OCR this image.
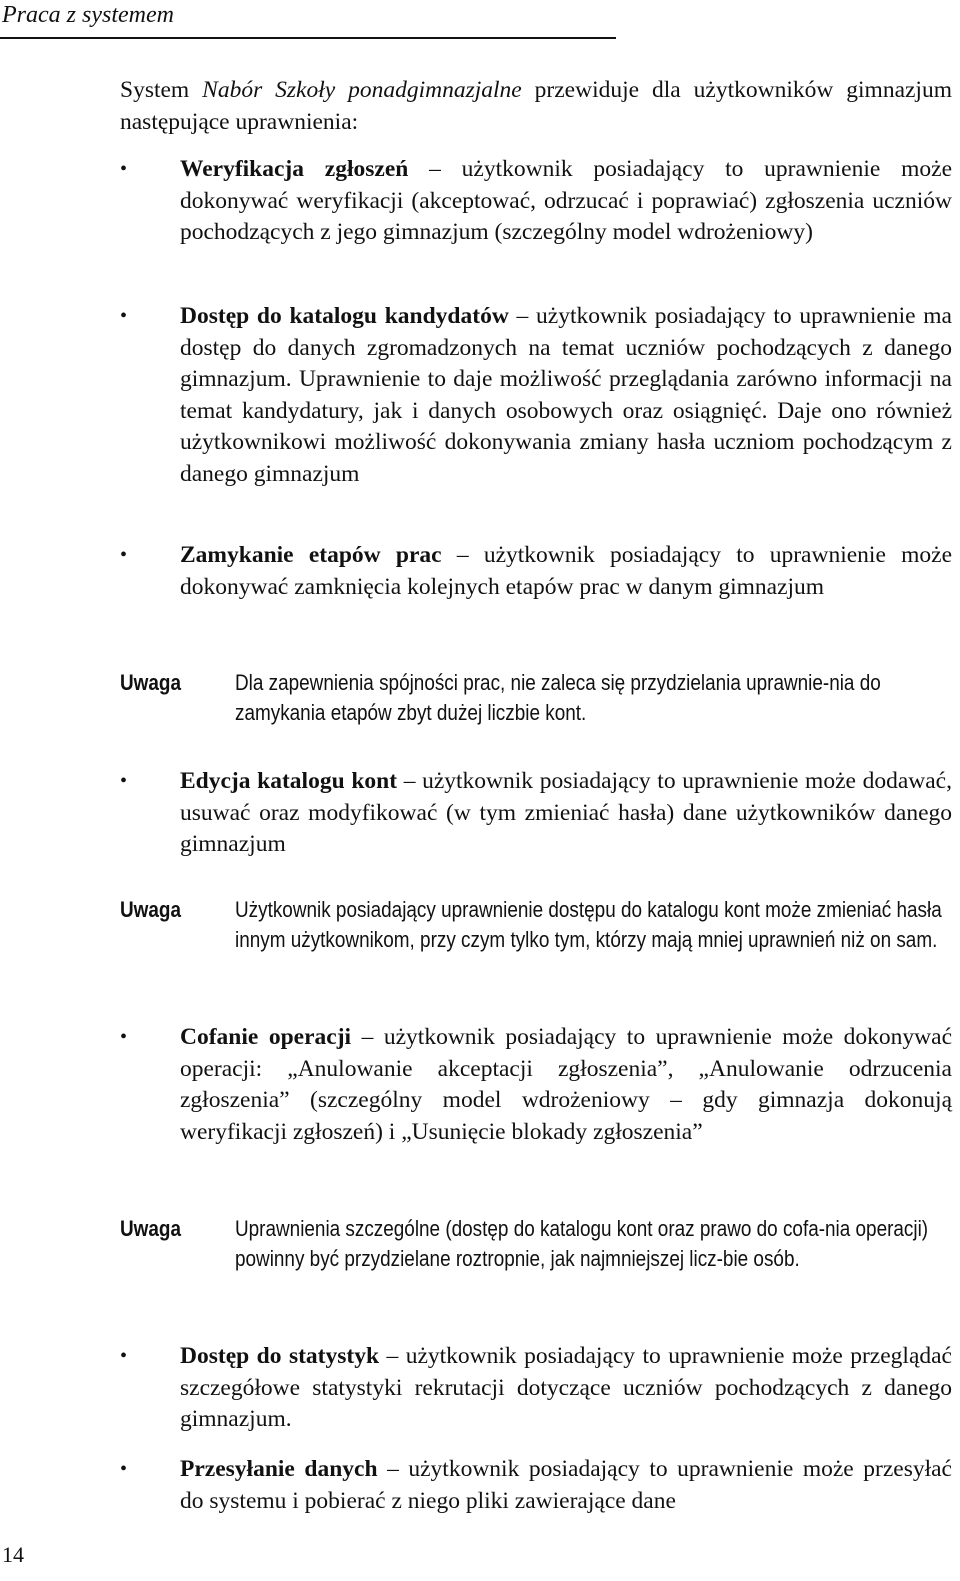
Praca z systemem
System Nabór Szkoły ponadgimnazjalne przewiduje dla użytkowników gimnazjum następujące uprawnienia:
• Weryfikacja zgłoszeń – użytkownik posiadający to uprawnienie może dokonywać weryfikacji (akceptować, odrzucać i poprawiać) zgłoszenia uczniów pochodzących z jego gimnazjum (szczególny model wdrożeniowy)
• Dostęp do katalogu kandydatów – użytkownik posiadający to uprawnienie ma dostęp do danych zgromadzonych na temat uczniów pochodzących z danego gimnazjum. Uprawnienie to daje możliwość przeglądania zarówno informacji na temat kandydatury, jak i danych osobowych oraz osiągnięć. Daje ono również użytkownikowi możliwość dokonywania zmiany hasła uczniom pochodzącym z danego gimnazjum
• Zamykanie etapów prac – użytkownik posiadający to uprawnienie może dokonywać zamknięcia kolejnych etapów prac w danym gimnazjum
Uwaga Dla zapewnienia spójności prac, nie zaleca się przydzielania uprawnie-nia do zamykania etapów zbyt dużej liczbie kont.
• Edycja katalogu kont – użytkownik posiadający to uprawnienie może dodawać, usuwać oraz modyfikować (w tym zmieniać hasła) dane użytkowników danego gimnazjum
Uwaga Użytkownik posiadający uprawnienie dostępu do katalogu kont może zmieniać hasła innym użytkownikom, przy czym tylko tym, którzy mają mniej uprawnień niż on sam.
• Cofanie operacji – użytkownik posiadający to uprawnienie może dokonywać operacji: „Anulowanie akceptacji zgłoszenia”, „Anulowanie odrzucenia zgłoszenia” (szczególny model wdrożeniowy – gdy gimnazja dokonują weryfikacji zgłoszeń) i „Usunięcie blokady zgłoszenia”
Uwaga Uprawnienia szczególne (dostęp do katalogu kont oraz prawo do cofa-nia operacji) powinny być przydzielane roztropnie, jak najmniejszej licz-bie osób.
• Dostęp do statystyk – użytkownik posiadający to uprawnienie może przeglądać szczegółowe statystyki rekrutacji dotyczące uczniów pochodzących z danego gimnazjum.
• Przesyłanie danych – użytkownik posiadający to uprawnienie może przesyłać do systemu i pobierać z niego pliki zawierające dane
14
